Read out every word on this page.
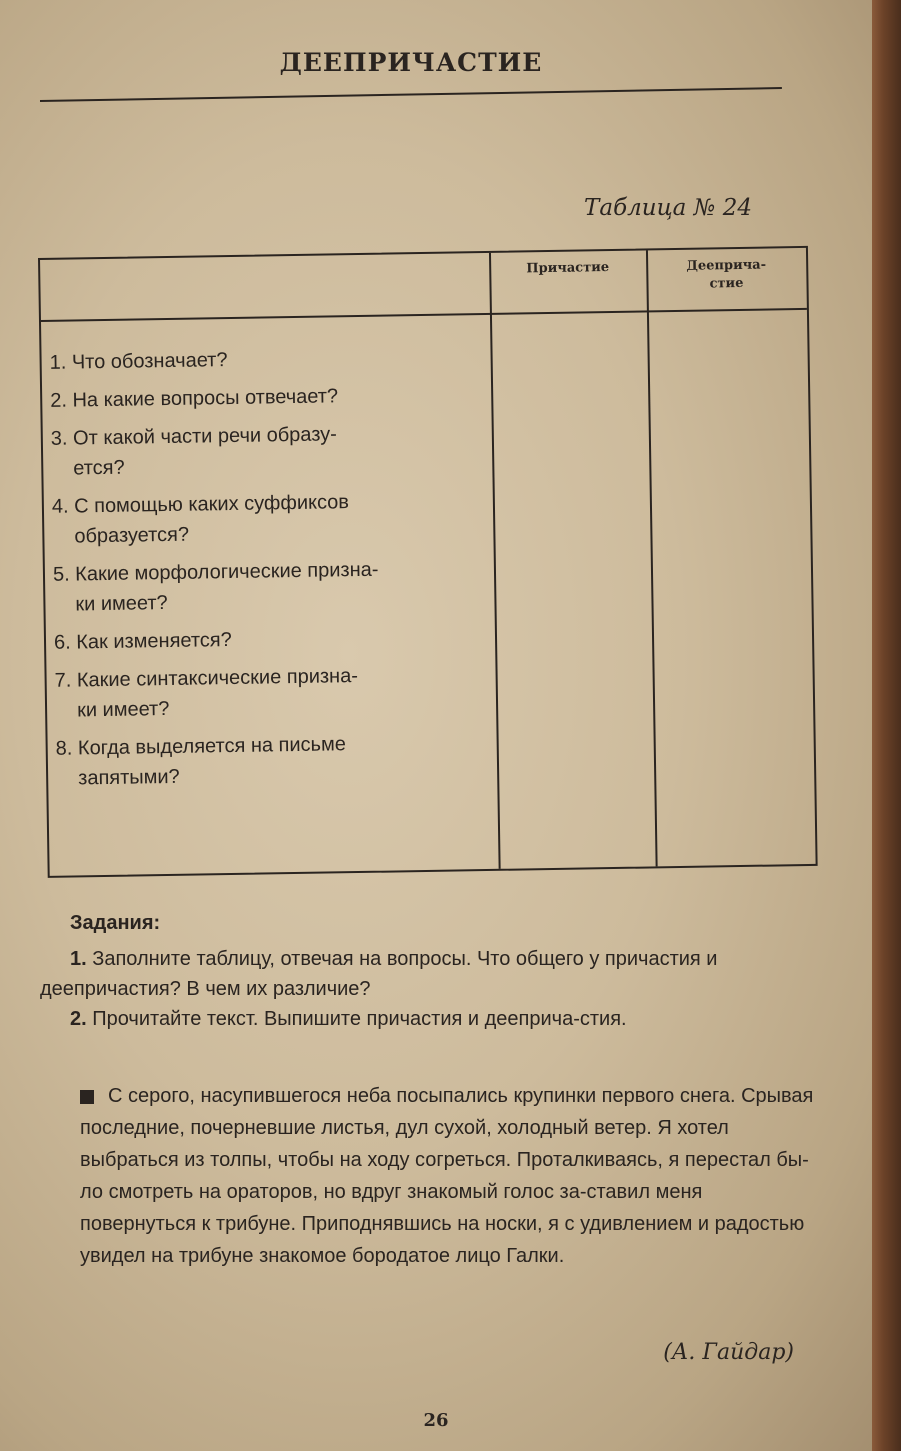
ДЕЕПРИЧАСТИЕ
Таблица № 24
Причастие	Дееприча-
стие
1. Что обозначает?
2. На какие вопросы отвечает?
3. От какой части речи образу-
ется?
4. С помощью каких суффиксов
образуется?
5. Какие морфологические призна-
ки имеет?
6. Как изменяется?
7. Какие синтаксические призна-
ки имеет?
8. Когда выделяется на письме
запятыми?
Задания:

1. Заполните таблицу, отвечая на вопросы. Что общего у причастия и деепричастия? В чем их различие?

2. Прочитайте текст. Выпишите причастия и дееприча-стия.

С серого, насупившегося неба посыпались крупинки первого снега. Срывая последние, почерневшие листья, дул сухой, холодный ветер. Я хотел выбраться из толпы, чтобы на ходу согреться. Проталкиваясь, я перестал бы-ло смотреть на ораторов, но вдруг знакомый голос за-ставил меня повернуться к трибуне. Приподнявшись на носки, я с удивлением и радостью увидел на трибуне знакомое бородатое лицо Галки.
(А. Гайдар)
26
